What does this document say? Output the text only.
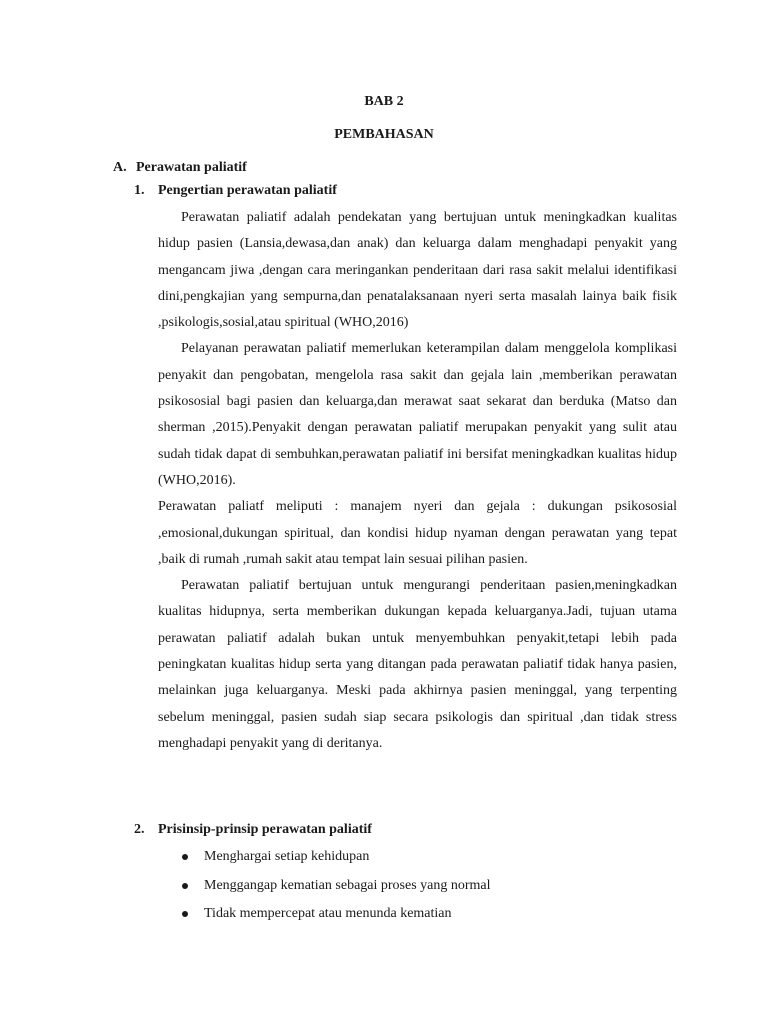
BAB 2
PEMBAHASAN
A. Perawatan paliatif
1. Pengertian perawatan paliatif

Perawatan paliatif adalah pendekatan yang bertujuan untuk meningkadkan kualitas hidup pasien (Lansia,dewasa,dan anak) dan keluarga dalam menghadapi penyakit yang mengancam jiwa ,dengan cara meringankan penderitaan dari rasa sakit melalui identifikasi dini,pengkajian yang sempurna,dan penatalaksanaan nyeri serta masalah lainya baik fisik ,psikologis,sosial,atau spiritual (WHO,2016)

Pelayanan perawatan paliatif memerlukan keterampilan dalam menggelola komplikasi penyakit dan pengobatan, mengelola rasa sakit dan gejala lain ,memberikan perawatan psikososial bagi pasien dan keluarga,dan merawat saat sekarat dan berduka (Matso dan sherman ,2015).Penyakit dengan perawatan paliatif merupakan penyakit yang sulit atau sudah tidak dapat di sembuhkan,perawatan paliatif ini bersifat meningkadkan kualitas hidup (WHO,2016).

Perawatan paliatf meliputi : manajem nyeri dan gejala : dukungan psikososial ,emosional,dukungan spiritual, dan kondisi hidup nyaman dengan perawatan yang tepat ,baik di rumah ,rumah sakit atau tempat lain sesuai pilihan pasien.

Perawatan paliatif bertujuan untuk mengurangi penderitaan pasien,meningkadkan kualitas hidupnya, serta memberikan dukungan kepada keluarganya.Jadi, tujuan utama perawatan paliatif adalah bukan untuk menyembuhkan penyakit,tetapi lebih pada peningkatan kualitas hidup serta yang ditangan pada perawatan paliatif tidak hanya pasien, melainkan juga keluarganya. Meski pada akhirnya pasien meninggal, yang terpenting sebelum meninggal, pasien sudah siap secara psikologis dan spiritual ,dan tidak stress menghadapi penyakit yang di deritanya.

2. Prisinsip-prinsip perawatan paliatif
Menghargai setiap kehidupan
Menggangap kematian sebagai proses yang normal
Tidak mempercepat atau menunda kematian
